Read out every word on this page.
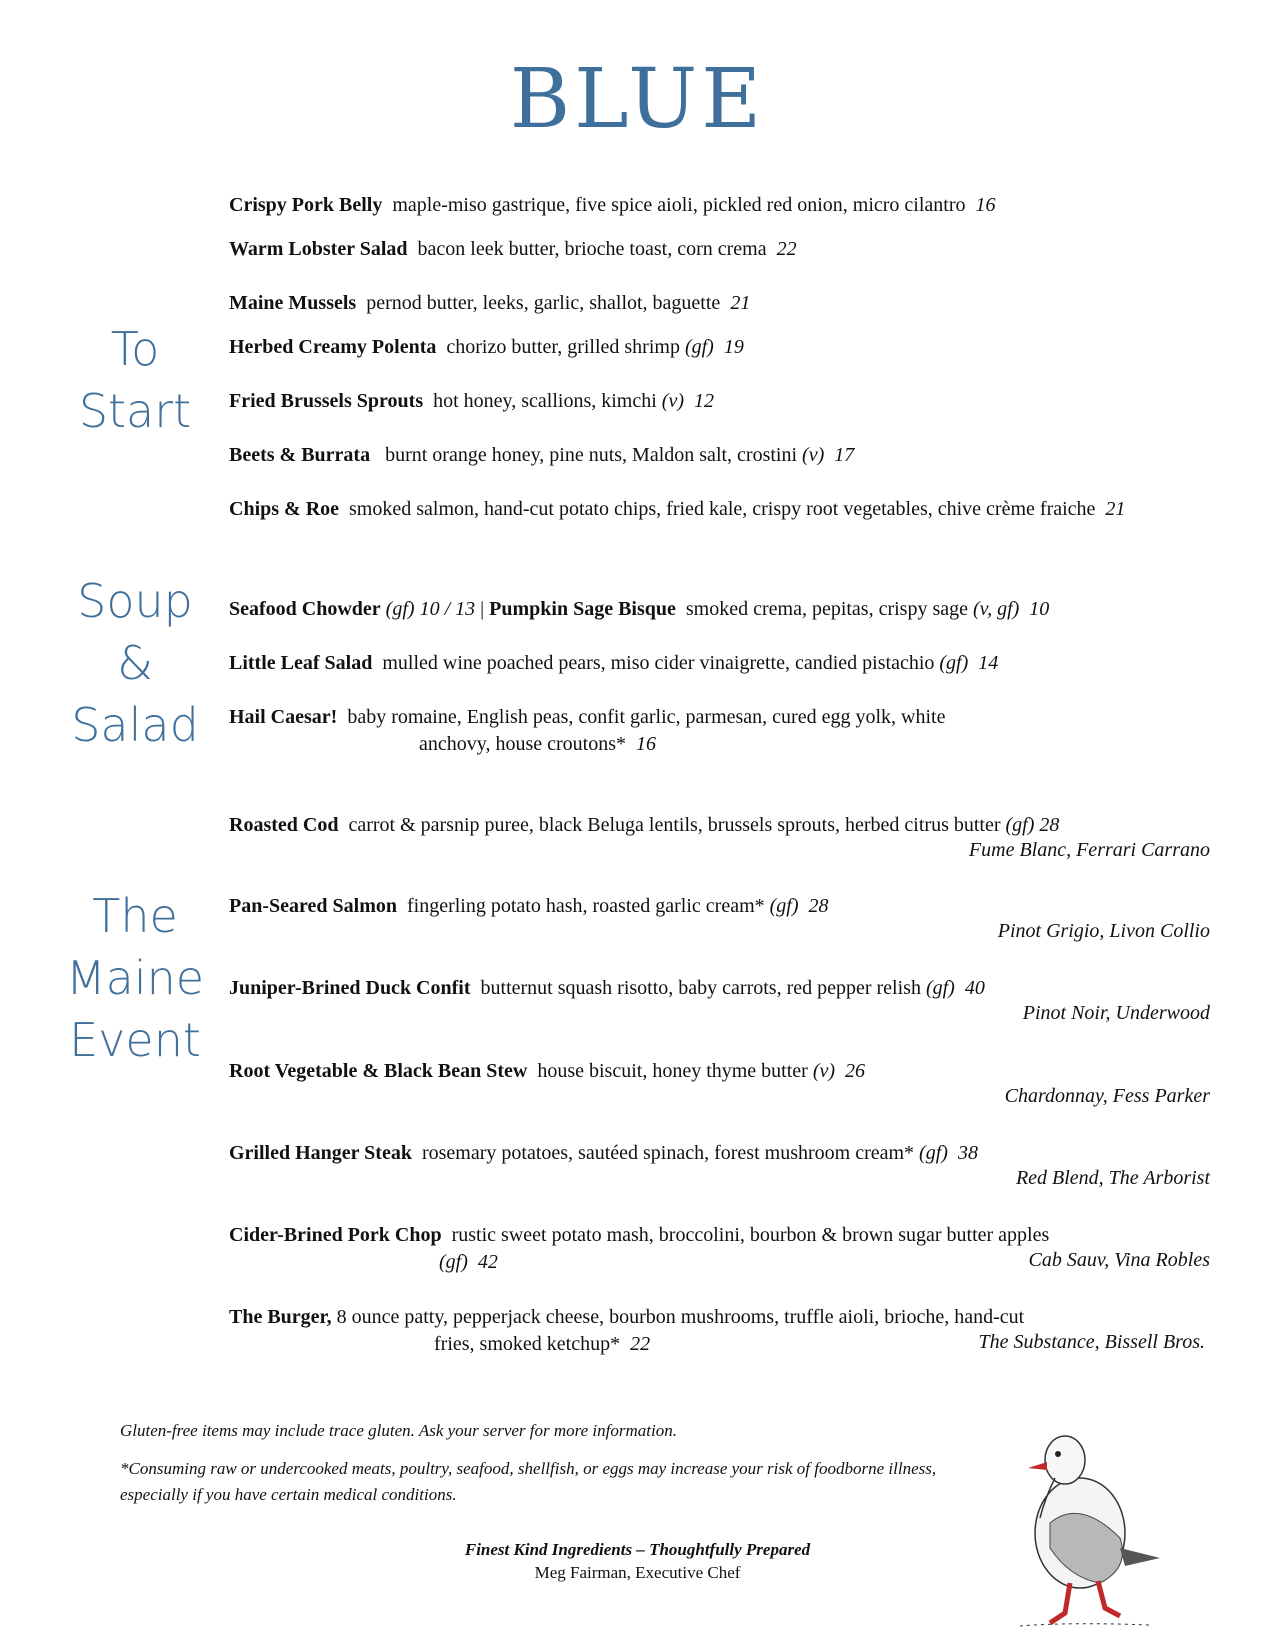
BLUE
To
Start
Soup
&
Salad
The
Maine
Event
Crispy Pork Belly maple-miso gastrique, five spice aioli, pickled red onion, micro cilantro 16
Warm Lobster Salad bacon leek butter, brioche toast, corn crema 22
Maine Mussels pernod butter, leeks, garlic, shallot, baguette 21
Herbed Creamy Polenta chorizo butter, grilled shrimp (gf) 19
Fried Brussels Sprouts hot honey, scallions, kimchi (v) 12
Beets & Burrata burnt orange honey, pine nuts, Maldon salt, crostini (v) 17
Chips & Roe smoked salmon, hand-cut potato chips, fried kale, crispy root vegetables, chive crème fraiche 21
Seafood Chowder (gf) 10 / 13 | Pumpkin Sage Bisque smoked crema, pepitas, crispy sage (v, gf) 10
Little Leaf Salad mulled wine poached pears, miso cider vinaigrette, candied pistachio (gf) 14
Hail Caesar! baby romaine, English peas, confit garlic, parmesan, cured egg yolk, white
anchovy, house croutons* 16
Roasted Cod carrot & parsnip puree, black Beluga lentils, brussels sprouts, herbed citrus butter (gf) 28
Fume Blanc, Ferrari Carrano
Pan-Seared Salmon fingerling potato hash, roasted garlic cream* (gf) 28
Pinot Grigio, Livon Collio
Juniper-Brined Duck Confit butternut squash risotto, baby carrots, red pepper relish (gf) 40
Pinot Noir, Underwood
Root Vegetable & Black Bean Stew house biscuit, honey thyme butter (v) 26
Chardonnay, Fess Parker
Grilled Hanger Steak rosemary potatoes, sautéed spinach, forest mushroom cream* (gf) 38
Red Blend, The Arborist
Cider-Brined Pork Chop rustic sweet potato mash, broccolini, bourbon & brown sugar butter apples
(gf) 42	Cab Sauv, Vina Robles
The Burger, 8 ounce patty, pepperjack cheese, bourbon mushrooms, truffle aioli, brioche, hand-cut
fries, smoked ketchup* 22	The Substance, Bissell Bros.
Gluten-free items may include trace gluten. Ask your server for more information.
*Consuming raw or undercooked meats, poultry, seafood, shellfish, or eggs may increase your risk of foodborne illness, especially if you have certain medical conditions.
Finest Kind Ingredients – Thoughtfully Prepared
Meg Fairman, Executive Chef
